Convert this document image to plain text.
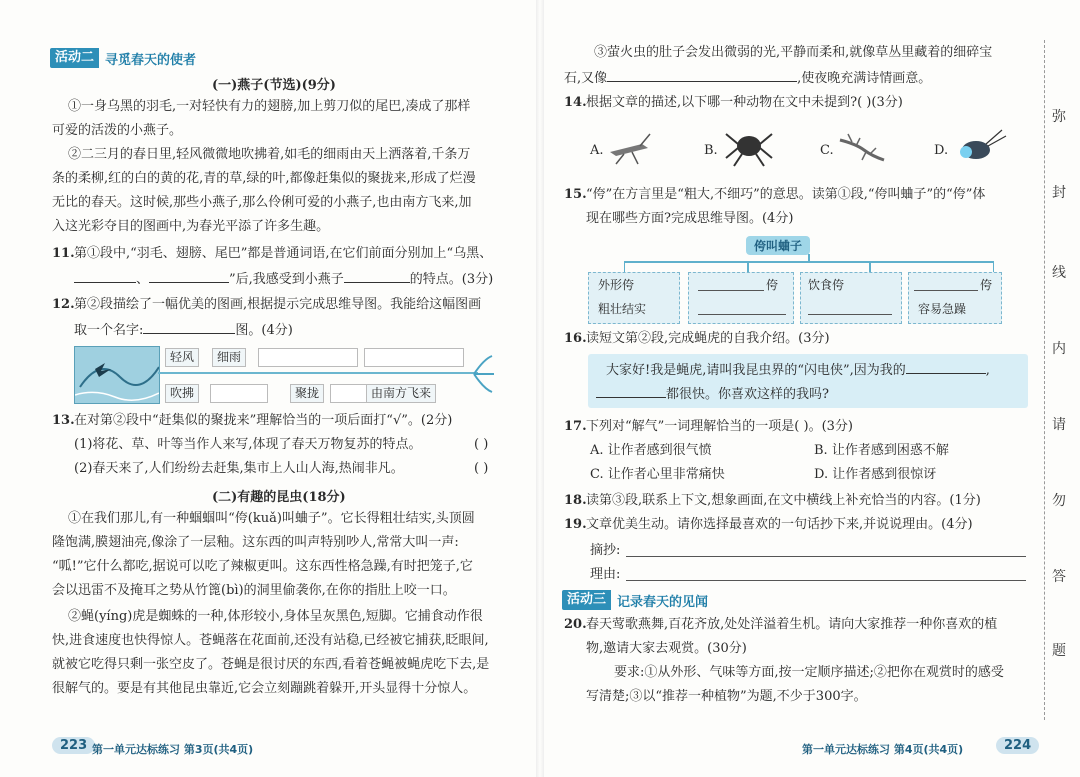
活动二 寻觅春天的使者
(一)燕子(节选)(9分)
①一身乌黑的羽毛,一对轻快有力的翅膀,加上剪刀似的尾巴,凑成了那样
可爱的活泼的小燕子。
②二三月的春日里,轻风微微地吹拂着,如毛的细雨由天上洒落着,千条万
条的柔柳,红的白的黄的花,青的草,绿的叶,都像赶集似的聚拢来,形成了烂漫
无比的春天。这时候,那些小燕子,那么伶俐可爱的小燕子,也由南方飞来,加
入这光彩夺目的图画中,为春光平添了许多生趣。
11. 第①段中,“羽毛、翅膀、尾巴”都是普通词语,在它们前面分别加上“乌黑、
、	”后,我感受到小燕子	的特点。(3分)
12. 第②段描绘了一幅优美的图画,根据提示完成思维导图。我能给这幅图画
取一个名字:	图。(4分)
轻风	细雨
吹拂	聚拢	由南方飞来
13. 在对第②段中“赶集似的聚拢来”理解恰当的一项后面打“√”。(2分)
(1)将花、草、叶等当作人来写,体现了春天万物复苏的特点。	( )
(2)春天来了,人们纷纷去赶集,集市上人山人海,热闹非凡。	( )
(二)有趣的昆虫(18分)
①在我们那儿,有一种蝈蝈叫“侉(kuǎ)叫蛐子”。它长得粗壮结实,头顶圆
隆饱满,膜翅油亮,像涂了一层釉。这东西的叫声特别吵人,常常大叫一声:
“呱!”它什么都吃,据说可以吃了辣椒更叫。这东西性格急躁,有时把笼子,它
会以迅雷不及掩耳之势从竹篦(bì)的洞里偷袭你,在你的指肚上咬一口。
②蝇(yíng)虎是蜘蛛的一种,体形较小,身体呈灰黑色,短脚。它捕食动作很
快,进食速度也快得惊人。苍蝇落在花面前,还没有站稳,已经被它捕获,眨眼间,
就被它吃得只剩一张空皮了。苍蝇是很讨厌的东西,看着苍蝇被蝇虎吃下去,是
很解气的。要是有其他昆虫靠近,它会立刻蹦跳着躲开,开头显得十分惊人。
223 第一单元达标练习 第3页(共4页)
③萤火虫的肚子会发出微弱的光,平静而柔和,就像草丛里藏着的细碎宝
石,又像	,使夜晚充满诗情画意。
14. 根据文章的描述,以下哪一种动物在文中未提到?( )(3分)
A.	B.	C.	D.
15. “侉”在方言里是“粗大,不细巧”的意思。读第①段,“侉叫蛐子”的“侉”体
现在哪些方面?完成思维导图。(4分)
侉叫蛐子
外形侉
粗壮结实
侉 饮食侉	侉
容易急躁
16. 读短文第②段,完成蝇虎的自我介绍。(3分)
大家好!我是蝇虎,请叫我昆虫界的“闪电侠”,因为我的	,
都很快。你喜欢这样的我吗?
17. 下列对“解气”一词理解恰当的一项是( )。(3分)
A. 让作者感到很气愤	B. 让作者感到困惑不解
C. 让作者心里非常痛快	D. 让作者感到很惊讶
18. 读第③段,联系上下文,想象画面,在文中横线上补充恰当的内容。(1分)
19. 文章优美生动。请你选择最喜欢的一句话抄下来,并说说理由。(4分)
摘抄:
理由:
活动三 记录春天的见闻
20. 春天莺歌燕舞,百花齐放,处处洋溢着生机。请向大家推荐一种你喜欢的植
物,邀请大家去观赏。(30分)
要求:①从外形、气味等方面,按一定顺序描述;②把你在观赏时的感受
写清楚;③以“推荐一种植物”为题,不少于300字。
第一单元达标练习 第4页(共4页)	224
弥
封
线
内
请
勿
答
题
